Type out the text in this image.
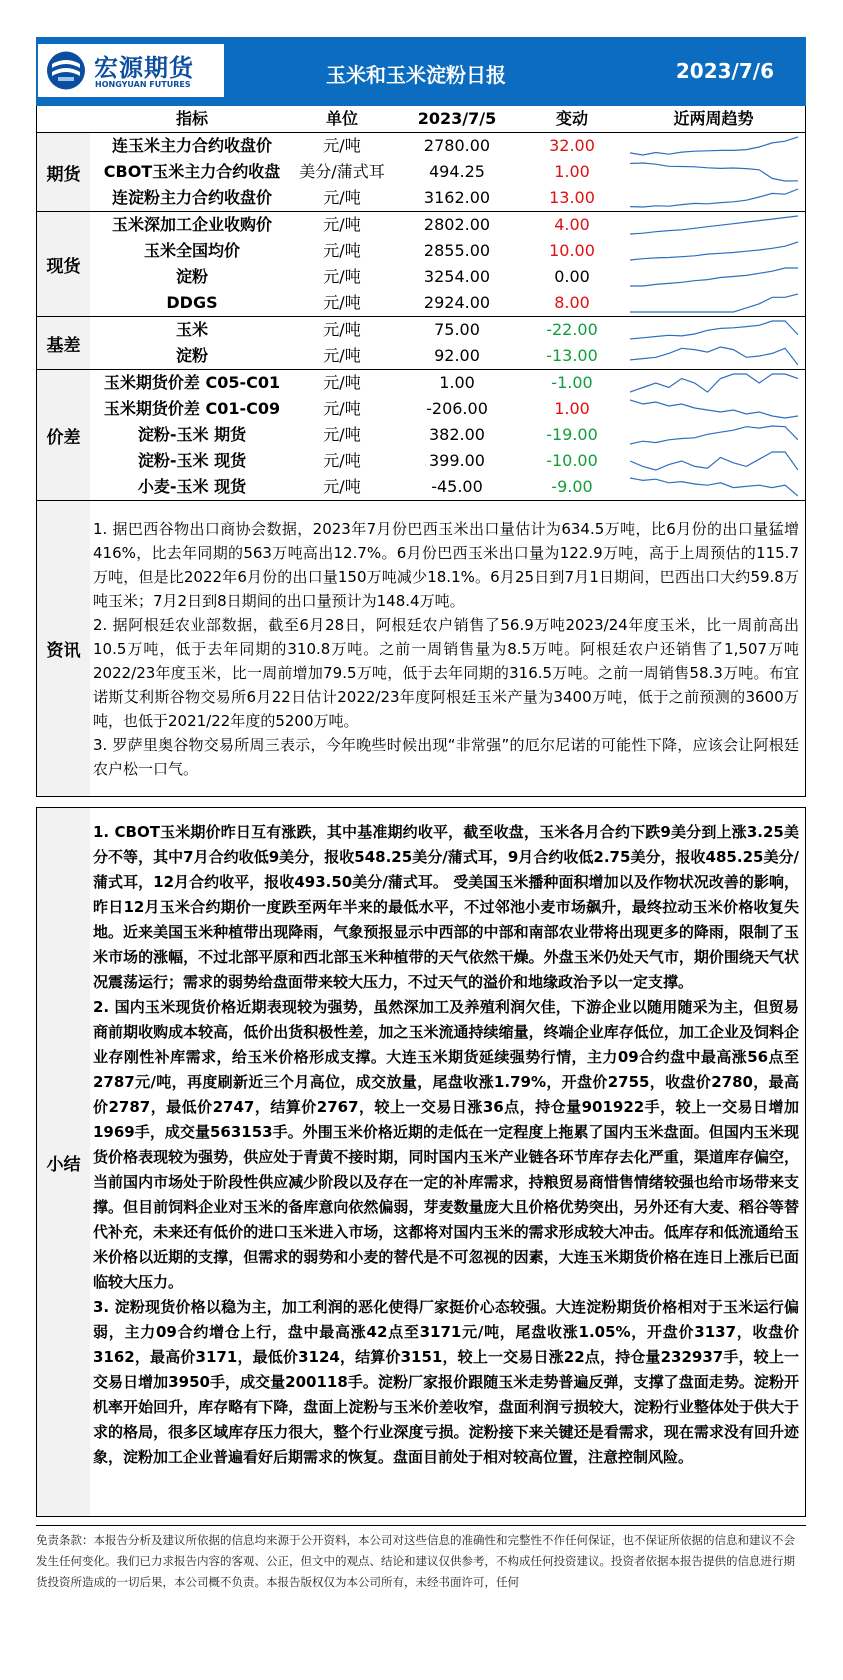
宏源期货
HONGYUAN FUTURES	玉米和玉米淀粉日报	2023/7/6
指标	单位	2023/7/5	变动	近两周趋势
期货
连玉米主力合约收盘价	元/吨	2780.00	32.00
CBOT玉米主力合约收盘	美分/蒲式耳	494.25	1.00
连淀粉主力合约收盘价	元/吨	3162.00	13.00
现货
玉米深加工企业收购价	元/吨	2802.00	4.00
玉米全国均价	元/吨	2855.00	10.00
淀粉	元/吨	3254.00	0.00
DDGS	元/吨	2924.00	8.00
基差
玉米	元/吨	75.00	-22.00
淀粉	元/吨	92.00	-13.00
价差
玉米期货价差 C05-C01	元/吨	1.00	-1.00
玉米期货价差 C01-C09	元/吨	-206.00	1.00
淀粉-玉米 期货	元/吨	382.00	-19.00
淀粉-玉米 现货	元/吨	399.00	-10.00
小麦-玉米 现货	元/吨	-45.00	-9.00
资讯

1. 据巴西谷物出口商协会数据，2023年7月份巴西玉米出口量估计为634.5万吨，比6月份的出口量猛增416%，比去年同期的563万吨高出12.7%。6月份巴西玉米出口量为122.9万吨，高于上周预估的115.7万吨，但是比2022年6月份的出口量150万吨减少18.1%。6月25日到7月1日期间，巴西出口大约59.8万吨玉米；7月2日到8日期间的出口量预计为148.4万吨。

2. 据阿根廷农业部数据，截至6月28日，阿根廷农户销售了56.9万吨2023/24年度玉米，比一周前高出10.5万吨，低于去年同期的310.8万吨。之前一周销售量为8.5万吨。阿根廷农户还销售了1,507万吨2022/23年度玉米，比一周前增加79.5万吨，低于去年同期的316.5万吨。之前一周销售58.3万吨。布宜诺斯艾利斯谷物交易所6月22日估计2022/23年度阿根廷玉米产量为3400万吨，低于之前预测的3600万吨，也低于2021/22年度的5200万吨。

3. 罗萨里奥谷物交易所周三表示，今年晚些时候出现“非常强”的厄尔尼诺的可能性下降，应该会让阿根廷农户松一口气。

小结

1. CBOT玉米期价昨日互有涨跌，其中基准期约收平，截至收盘，玉米各月合约下跌9美分到上涨3.25美分不等，其中7月合约收低9美分，报收548.25美分/蒲式耳，9月合约收低2.75美分，报收485.25美分/蒲式耳，12月合约收平，报收493.50美分/蒲式耳。 受美国玉米播种面积增加以及作物状况改善的影响，昨日12月玉米合约期价一度跌至两年半来的最低水平，不过邻池小麦市场飙升，最终拉动玉米价格收复失地。近来美国玉米种植带出现降雨，气象预报显示中西部的中部和南部农业带将出现更多的降雨，限制了玉米市场的涨幅，不过北部平原和西北部玉米种植带的天气依然干燥。外盘玉米仍处天气市，期价围绕天气状况震荡运行；需求的弱势给盘面带来较大压力，不过天气的溢价和地缘政治予以一定支撑。

2. 国内玉米现货价格近期表现较为强势，虽然深加工及养殖利润欠佳，下游企业以随用随采为主，但贸易商前期收购成本较高，低价出货积极性差，加之玉米流通持续缩量，终端企业库存低位，加工企业及饲料企业存刚性补库需求，给玉米价格形成支撑。大连玉米期货延续强势行情，主力09合约盘中最高涨56点至2787元/吨，再度刷新近三个月高位，成交放量，尾盘收涨1.79%，开盘价2755，收盘价2780，最高价2787，最低价2747，结算价2767，较上一交易日涨36点，持仓量901922手，较上一交易日增加1969手，成交量563153手。外围玉米价格近期的走低在一定程度上拖累了国内玉米盘面。但国内玉米现货价格表现较为强势，供应处于青黄不接时期，同时国内玉米产业链各环节库存去化严重，渠道库存偏空，当前国内市场处于阶段性供应减少阶段以及存在一定的补库需求，持粮贸易商惜售情绪较强也给市场带来支撑。但目前饲料企业对玉米的备库意向依然偏弱，芽麦数量庞大且价格优势突出，另外还有大麦、稻谷等替代补充，未来还有低价的进口玉米进入市场，这都将对国内玉米的需求形成较大冲击。低库存和低流通给玉米价格以近期的支撑，但需求的弱势和小麦的替代是不可忽视的因素，大连玉米期货价格在连日上涨后已面临较大压力。

3. 淀粉现货价格以稳为主，加工利润的恶化使得厂家挺价心态较强。大连淀粉期货价格相对于玉米运行偏弱，主力09合约增仓上行，盘中最高涨42点至3171元/吨，尾盘收涨1.05%，开盘价3137，收盘价3162，最高价3171，最低价3124，结算价3151，较上一交易日涨22点，持仓量232937手，较上一交易日增加3950手，成交量200118手。淀粉厂家报价跟随玉米走势普遍反弹，支撑了盘面走势。淀粉开机率开始回升，库存略有下降，盘面上淀粉与玉米价差收窄，盘面利润亏损较大，淀粉行业整体处于供大于求的格局，很多区域库存压力很大，整个行业深度亏损。淀粉接下来关键还是看需求，现在需求没有回升迹象，淀粉加工企业普遍看好后期需求的恢复。盘面目前处于相对较高位置，注意控制风险。

免责条款：本报告分析及建议所依据的信息均来源于公开资料，本公司对这些信息的准确性和完整性不作任何保证，也不保证所依据的信息和建议不会发生任何变化。我们已力求报告内容的客观、公正，但文中的观点、结论和建议仅供参考，不构成任何投资建议。投资者依据本报告提供的信息进行期货投资所造成的一切后果，本公司概不负责。本报告版权仅为本公司所有，未经书面许可，任何
